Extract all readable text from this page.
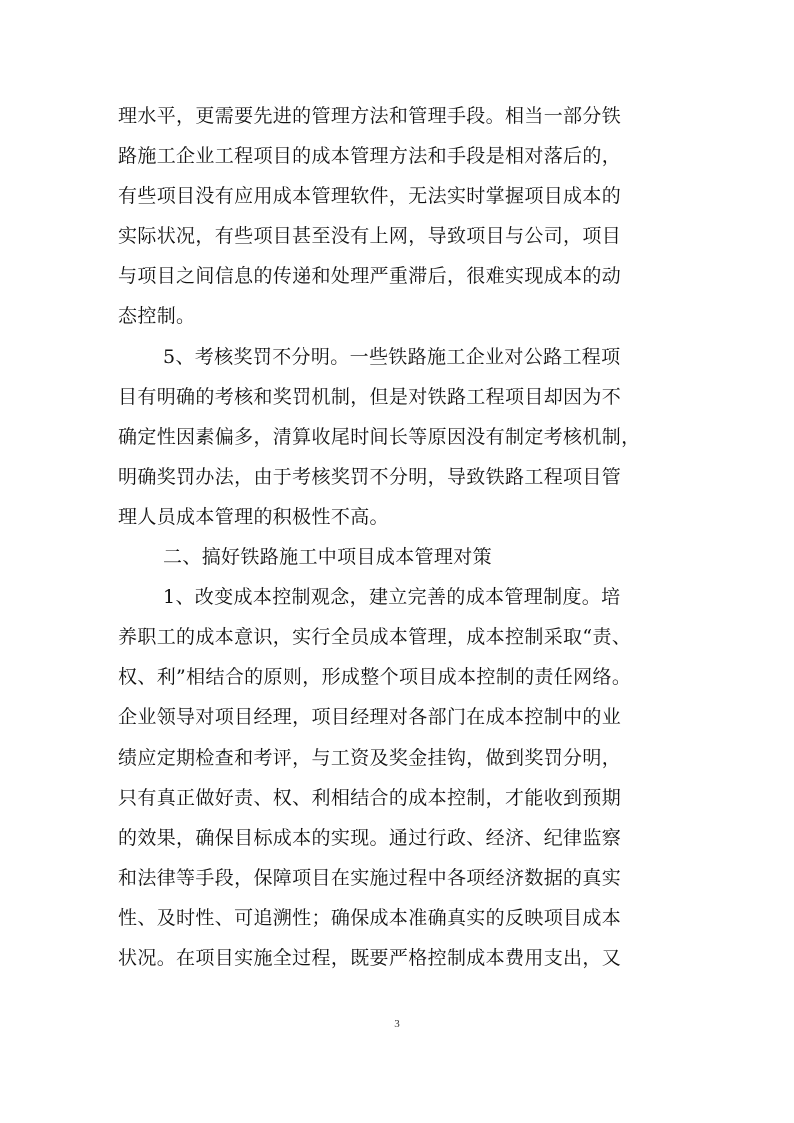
理水平，更需要先进的管理方法和管理手段。相当一部分铁
路施工企业工程项目的成本管理方法和手段是相对落后的，
有些项目没有应用成本管理软件，无法实时掌握项目成本的
实际状况，有些项目甚至没有上网，导致项目与公司，项目
与项目之间信息的传递和处理严重滞后，很难实现成本的动
态控制。
5、考核奖罚不分明。一些铁路施工企业对公路工程项
目有明确的考核和奖罚机制，但是对铁路工程项目却因为不
确定性因素偏多，清算收尾时间长等原因没有制定考核机制，
明确奖罚办法，由于考核奖罚不分明，导致铁路工程项目管
理人员成本管理的积极性不高。
二、搞好铁路施工中项目成本管理对策
1、改变成本控制观念，建立完善的成本管理制度。培
养职工的成本意识，实行全员成本管理，成本控制采取“责、
权、利”相结合的原则，形成整个项目成本控制的责任网络。
企业领导对项目经理，项目经理对各部门在成本控制中的业
绩应定期检查和考评，与工资及奖金挂钩，做到奖罚分明，
只有真正做好责、权、利相结合的成本控制，才能收到预期
的效果，确保目标成本的实现。通过行政、经济、纪律监察
和法律等手段，保障项目在实施过程中各项经济数据的真实
性、及时性、可追溯性；确保成本准确真实的反映项目成本
状况。在项目实施全过程，既要严格控制成本费用支出，又
3
